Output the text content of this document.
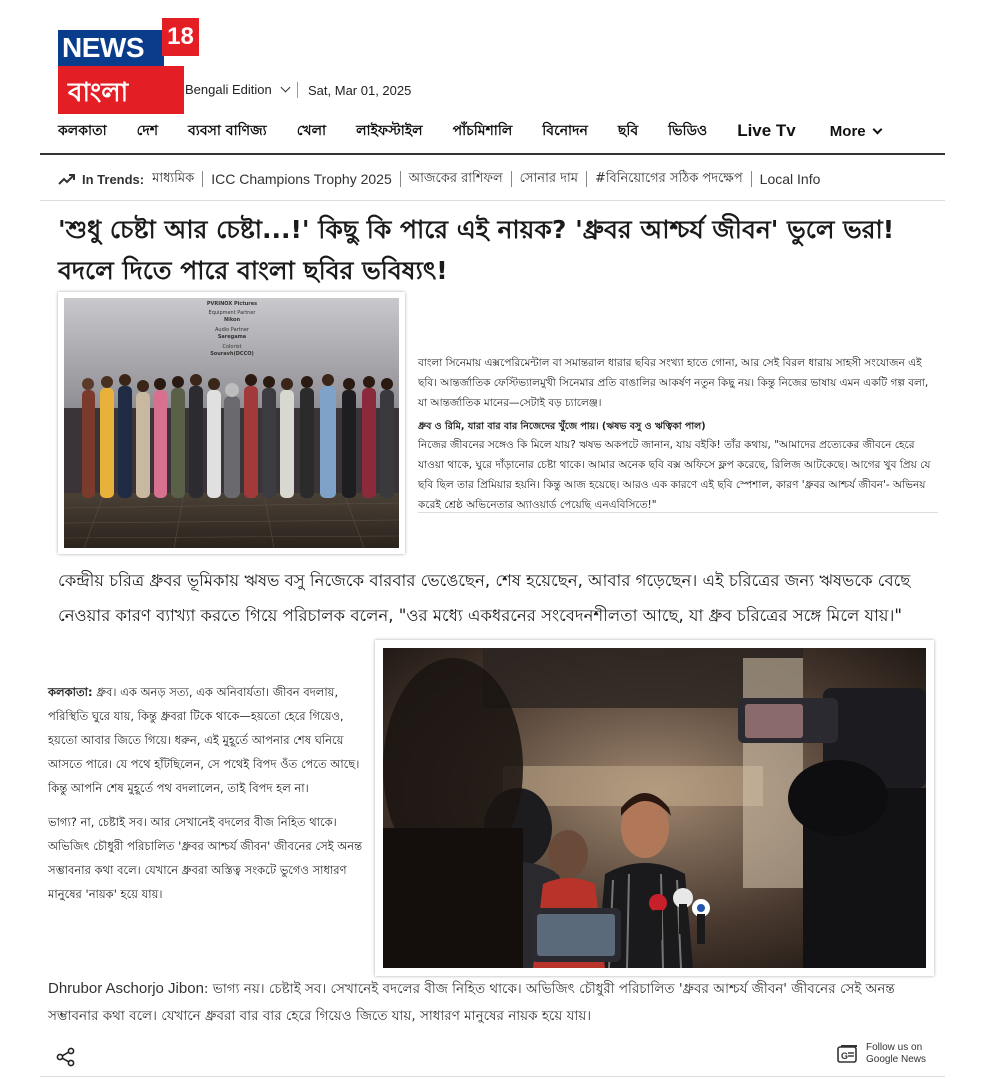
NEWS 18
বাংলা	Bengali Edition	Sat, Mar 01, 2025
কলকাতা দেশ ব্যবসা বাণিজ্য খেলা লাইফস্টাইল পাঁচমিশালি বিনোদন ছবি ভিডিও Live Tv More
In Trends: মাধ্যমিক ICC Champions Trophy 2025 আজকের রাশিফল সোনার দাম #বিনিয়োগের সঠিক পদক্ষেপ Local Info
'শুধু চেষ্টা আর চেষ্টা...!' কিছু কি পারে এই নায়ক? 'ধ্রুবর আশ্চর্য জীবন' ভুলে ভরা! বদলে দিতে পারে বাংলা ছবির ভবিষ্যৎ!
PVRINOX Pictures
Equipment Partner
Nikon
Audio Partner
Saregama
Colorist
Souravh(DCCO)

বাংলা সিনেমায় এক্সপেরিমেন্টাল বা সমান্তরাল ধারার ছবির সংখ্যা হাতে গোনা, আর সেই বিরল ধারায় সাহসী সংযোজন এই ছবি। আন্তর্জাতিক ফেস্টিভ্যালমুখী সিনেমার প্রতি বাঙালির আকর্ষণ নতুন কিছু নয়। কিন্তু নিজের ভাষায় এমন একটি গল্প বলা, যা আন্তর্জাতিক মানের—সেটাই বড় চ্যালেঞ্জ।

ধ্রুব ও রিমি, যারা বার বার নিজেদের খুঁজে পায়। (ঋষভ বসু ও ঋত্বিকা পাল)

নিজের জীবনের সঙ্গেও কি মিলে যায়? ঋষভ অকপটে জানান, যায় বইকি! তাঁর কথায়, "আমাদের প্রত্যেকের জীবনে হেরে যাওয়া থাকে, ঘুরে দাঁড়ানোর চেষ্টা থাকে। আমার অনেক ছবি বক্স অফিসে ফ্লপ করেছে, রিলিজ আটকেছে। আগের খুব প্রিয় যে ছবি ছিল তার প্রিমিয়ার হয়নি। কিন্তু আজ হয়েছে। আরও এক কারণে এই ছবি স্পেশাল, কারণ 'ধ্রুবর আশ্চর্য জীবন'- অভিনয় করেই শ্রেষ্ঠ অভিনেতার অ্যাওয়ার্ড পেয়েছি এনএবিসিতে!"

কেন্দ্রীয় চরিত্র ধ্রুবর ভূমিকায় ঋষভ বসু নিজেকে বারবার ভেঙেছেন, শেষ হয়েছেন, আবার গড়েছেন। এই চরিত্রের জন্য ঋষভকে বেছে নেওয়ার কারণ ব্যাখ্যা করতে গিয়ে পরিচালক বলেন, "ওর মধ্যে একধরনের সংবেদনশীলতা আছে, যা ধ্রুব চরিত্রের সঙ্গে মিলে যায়।"

কলকাতা: ধ্রুব। এক অনড় সত্য, এক অনিবার্যতা। জীবন বদলায়, পরিস্থিতি ঘুরে যায়, কিন্তু ধ্রুবরা টিকে থাকে—হয়তো হেরে গিয়েও, হয়তো আবার জিতে গিয়ে। ধরুন, এই মুহূর্তে আপনার শেষ ঘনিয়ে আসতে পারে। যে পথে হাঁটছিলেন, সে পথেই বিপদ ওঁত পেতে আছে। কিন্তু আপনি শেষ মুহূর্তে পথ বদলালেন, তাই বিপদ হল না।

ভাগ্য? না, চেষ্টাই সব। আর সেখানেই বদলের বীজ নিহিত থাকে। অভিজিৎ চৌধুরী পরিচালিত 'ধ্রুবর আশ্চর্য জীবন' জীবনের সেই অনন্ত সম্ভাবনার কথা বলে। যেখানে ধ্রুবরা অস্তিত্ব সংকটে ভুগেও সাধারণ মানুষের 'নায়ক' হয়ে যায়।

Dhrubor Aschorjo Jibon: ভাগ্য নয়। চেষ্টাই সব। সেখানেই বদলের বীজ নিহিত থাকে। অভিজিৎ চৌধুরী পরিচালিত 'ধ্রুবর আশ্চর্য জীবন' জীবনের সেই অনন্ত সম্ভাবনার কথা বলে। যেখানে ধ্রুবরা বার বার হেরে গিয়েও জিতে যায়, সাধারণ মানুষের নায়ক হয়ে যায়।

G
Follow us on
Google News
